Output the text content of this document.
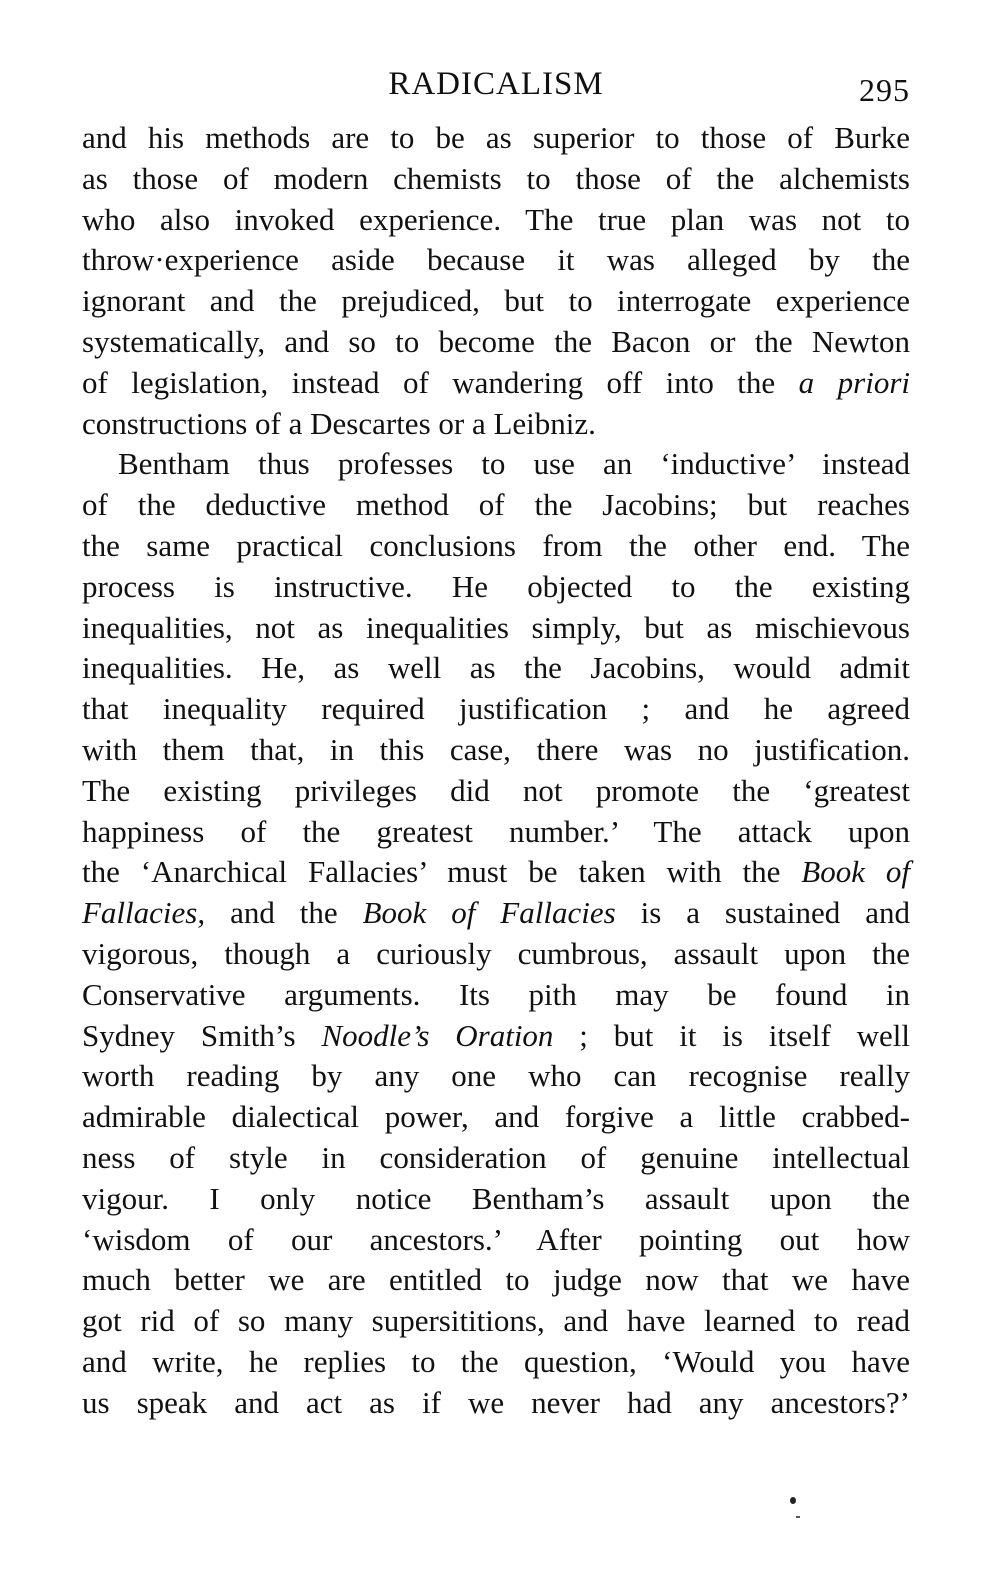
RADICALISM	295
and his methods are to be as superior to those of Burke
as those of modern chemists to those of the alchemists
who also invoked experience. The true plan was not to
throw·experience aside because it was alleged by the
ignorant and the prejudiced, but to interrogate experience
systematically, and so to become the Bacon or the Newton
of legislation, instead of wandering off into the a priori
constructions of a Descartes or a Leibniz.
Bentham thus professes to use an ‘inductive’ instead
of the deductive method of the Jacobins; but reaches
the same practical conclusions from the other end. The
process is instructive. He objected to the existing
inequalities, not as inequalities simply, but as mischievous
inequalities. He, as well as the Jacobins, would admit
that inequality required justification ; and he agreed
with them that, in this case, there was no justification.
The existing privileges did not promote the ‘greatest
happiness of the greatest number.’ The attack upon
the ‘Anarchical Fallacies’ must be taken with the Book of
Fallacies, and the Book of Fallacies is a sustained and
vigorous, though a curiously cumbrous, assault upon the
Conservative arguments. Its pith may be found in
Sydney Smith’s Noodle’s Oration ; but it is itself well
worth reading by any one who can recognise really
admirable dialectical power, and forgive a little crabbed-
ness of style in consideration of genuine intellectual
vigour. I only notice Bentham’s assault upon the
‘wisdom of our ancestors.’ After pointing out how
much better we are entitled to judge now that we have
got rid of so many supersititions, and have learned to read
and write, he replies to the question, ‘Would you have
us speak and act as if we never had any ancestors?’
